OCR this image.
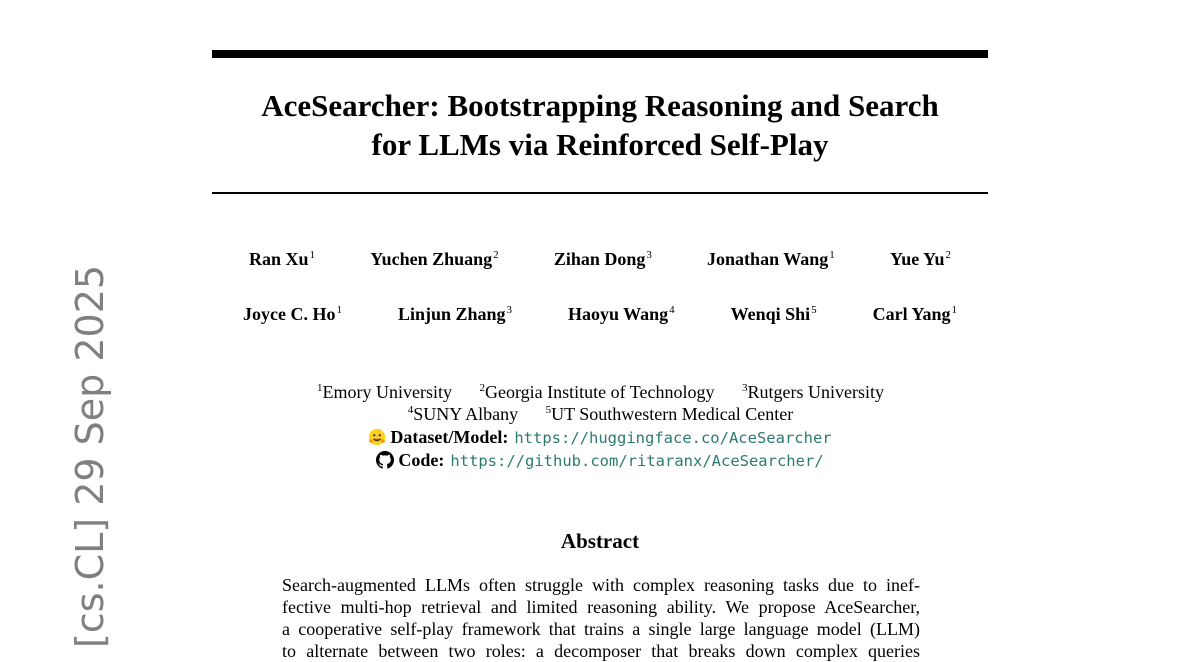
AceSearcher: Bootstrapping Reasoning and Search
for LLMs via Reinforced Self-Play
Ran Xu$^1$	Yuchen Zhuang$^2$	Zihan Dong$^3$	Jonathan Wang$^1$	Yue Yu$^2$
Joyce C. Ho$^1$	Linjun Zhang$^3$	Haoyu Wang$^4$	Wenqi Shi$^5$	Carl Yang$^1$
$^1$Emory University	$^2$Georgia Institute of Technology	$^3$Rutgers University
$^4$SUNY Albany	$^5$UT Southwestern Medical Center
Dataset/Model: https://huggingface.co/AceSearcher
Code: https://github.com/ritaranx/AceSearcher/
Abstract
Search-augmented LLMs often struggle with complex reasoning tasks due to inef-
fective multi-hop retrieval and limited reasoning ability. We propose AceSearcher,
a cooperative self-play framework that trains a single large language model (LLM)
to alternate between two roles: a decomposer that breaks down complex queries
[cs.CL] 29 Sep 2025
